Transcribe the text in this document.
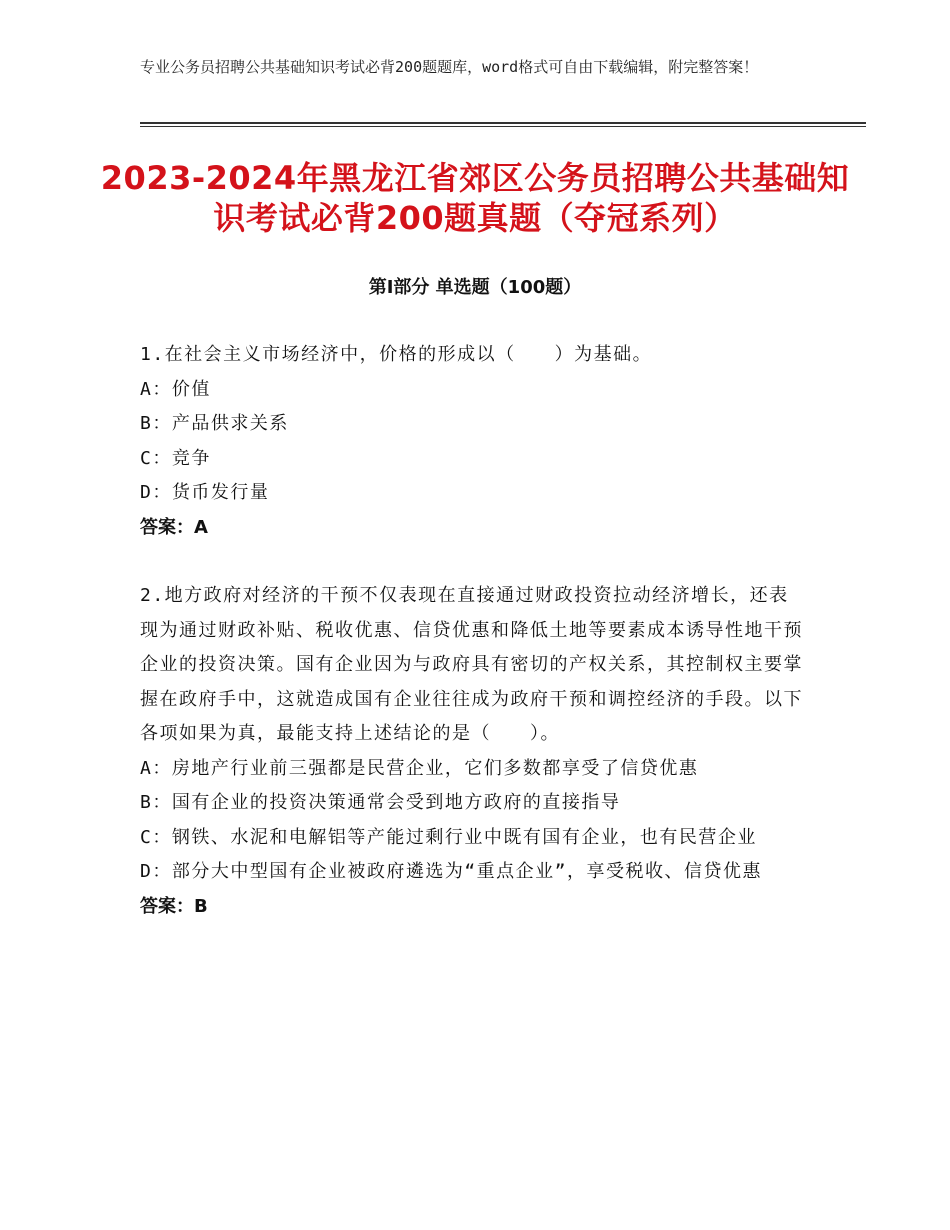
专业公务员招聘公共基础知识考试必背200题题库，word格式可自由下载编辑，附完整答案！
2023-2024年黑龙江省郊区公务员招聘公共基础知识考试必背200题真题（夺冠系列）
第Ⅰ部分 单选题（100题）
1.在社会主义市场经济中，价格的形成以（　　）为基础。
A：价值
B：产品供求关系
C：竞争
D：货币发行量
答案：A
2.地方政府对经济的干预不仅表现在直接通过财政投资拉动经济增长，还表现为通过财政补贴、税收优惠、信贷优惠和降低土地等要素成本诱导性地干预企业的投资决策。国有企业因为与政府具有密切的产权关系，其控制权主要掌握在政府手中，这就造成国有企业往往成为政府干预和调控经济的手段。以下各项如果为真，最能支持上述结论的是（　　）。
A：房地产行业前三强都是民营企业，它们多数都享受了信贷优惠
B：国有企业的投资决策通常会受到地方政府的直接指导
C：钢铁、水泥和电解铝等产能过剩行业中既有国有企业，也有民营企业
D：部分大中型国有企业被政府遴选为“重点企业”，享受税收、信贷优惠
答案：B
